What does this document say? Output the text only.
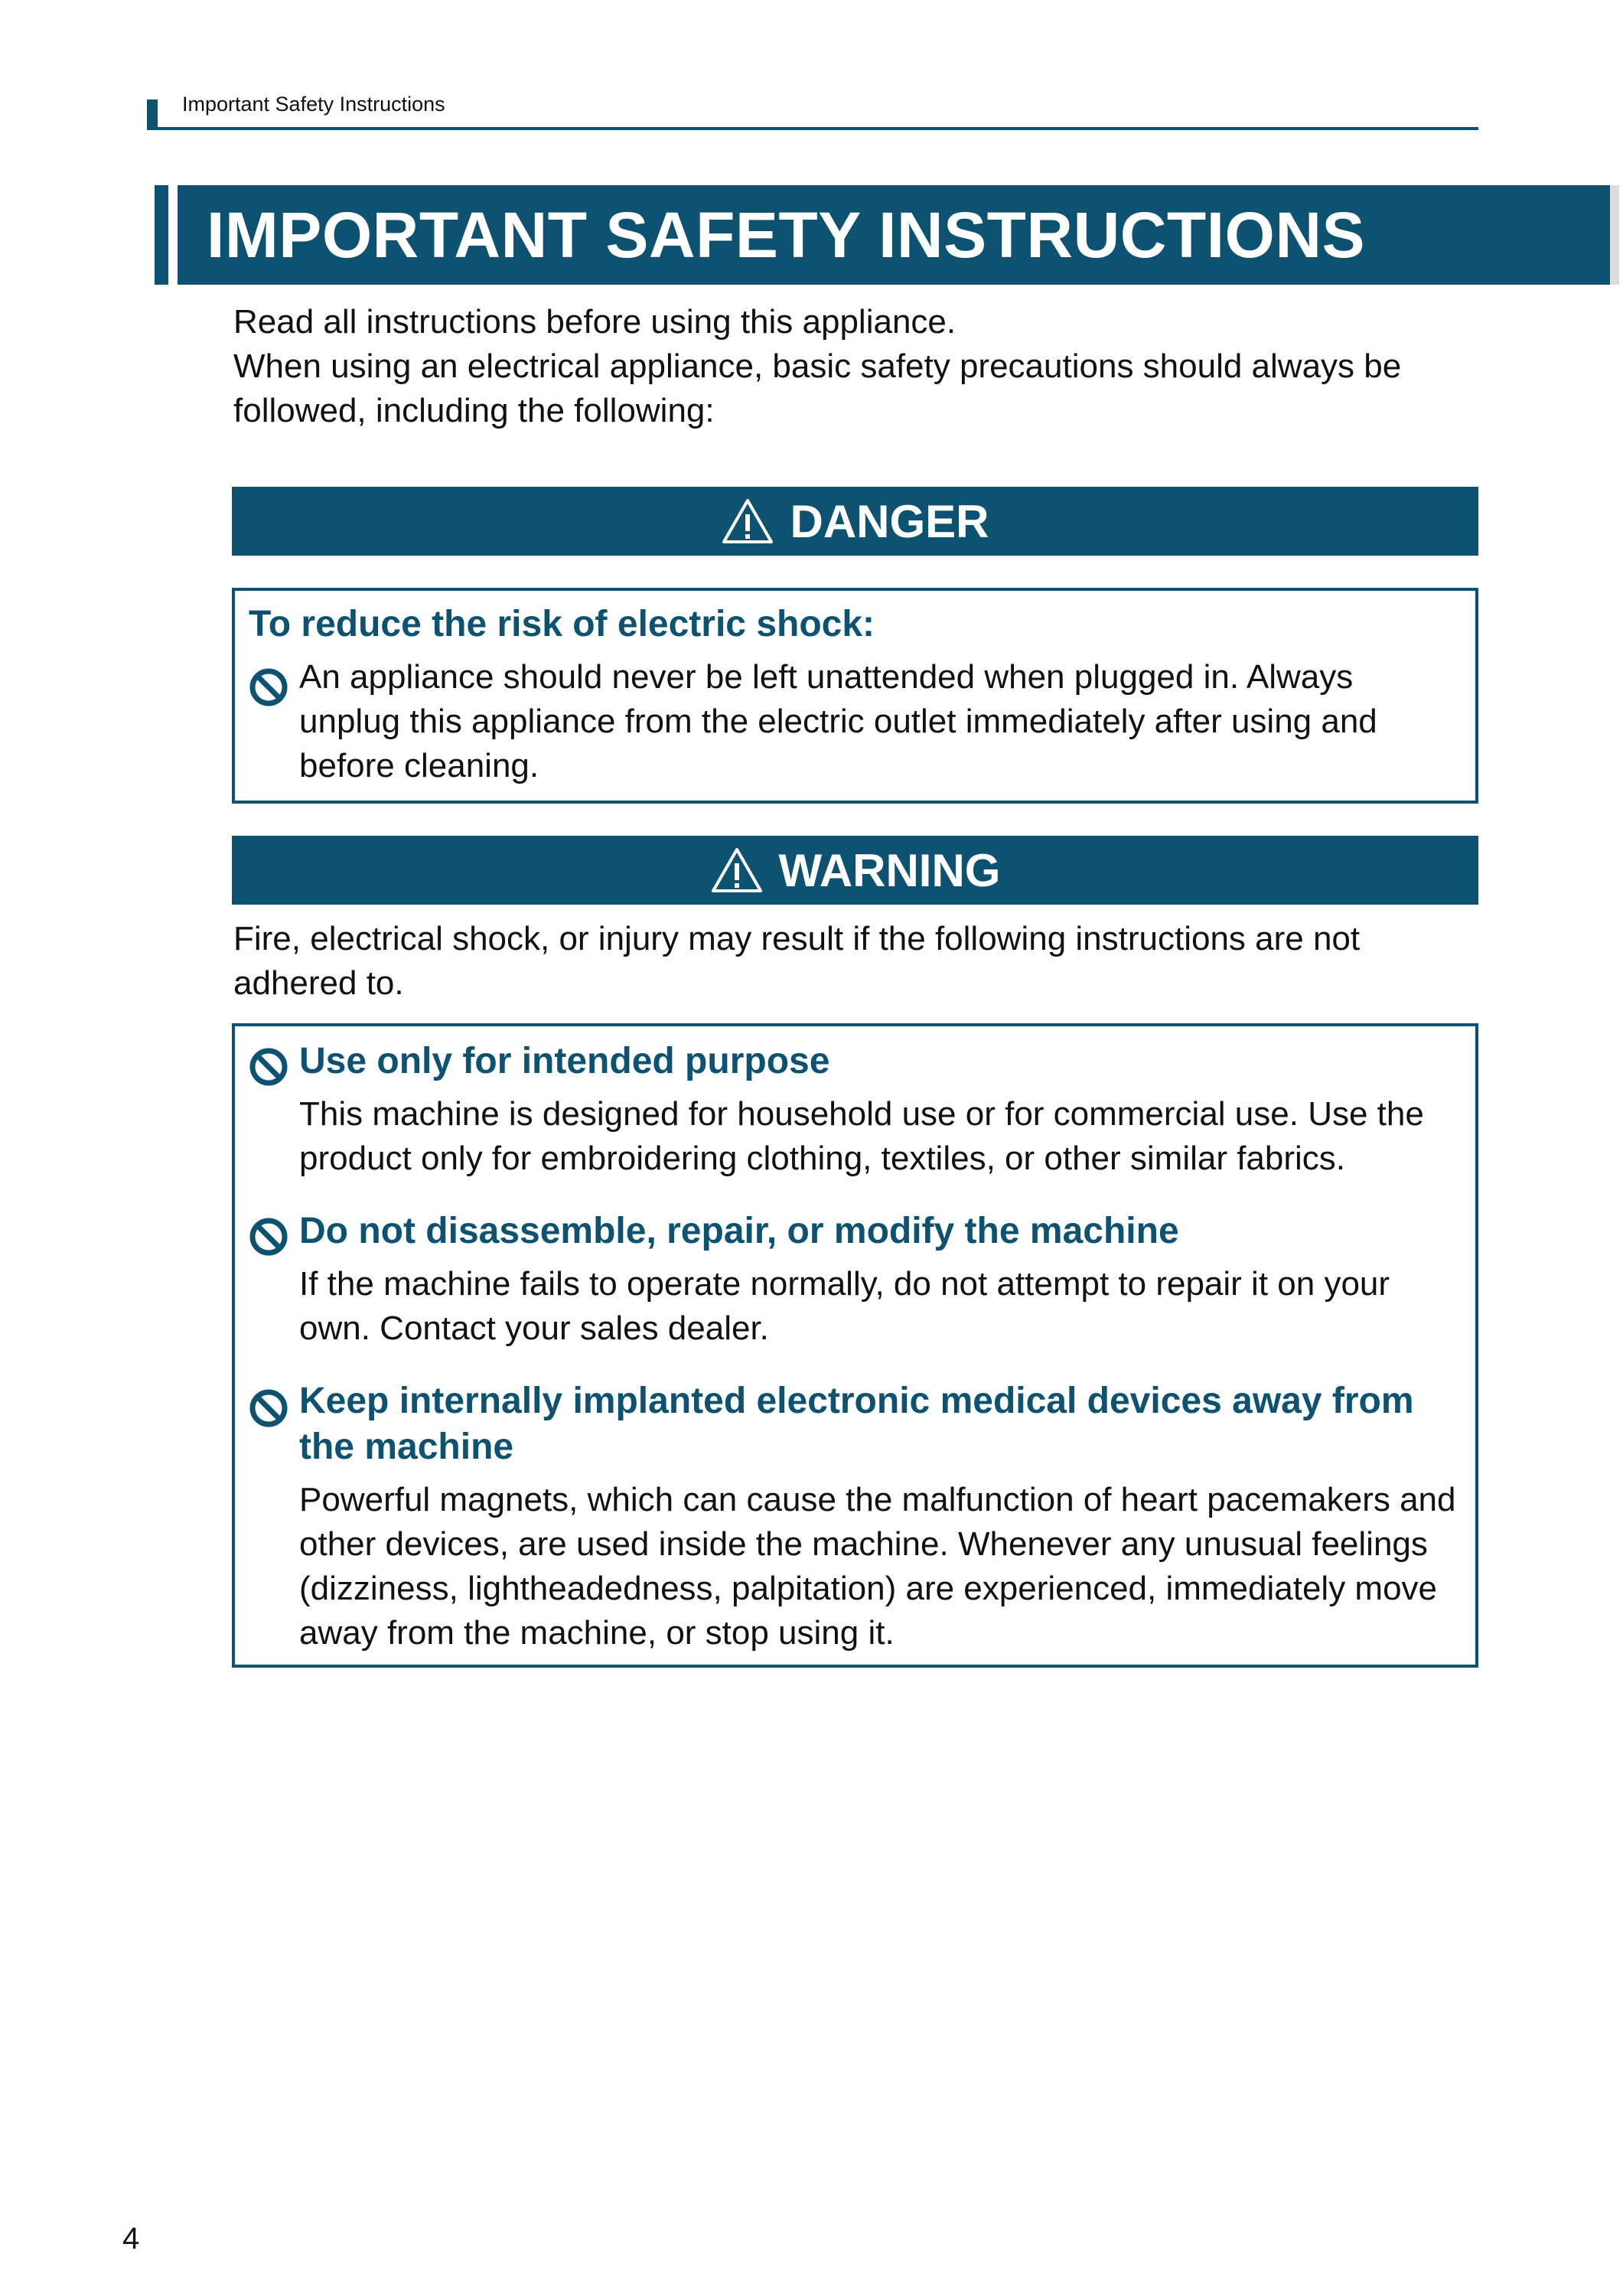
Important Safety Instructions
IMPORTANT SAFETY INSTRUCTIONS

Read all instructions before using this appliance.

When using an electrical appliance, basic safety precautions should always be followed, including the following:

DANGER
To reduce the risk of electric shock:
An appliance should never be left unattended when plugged in. Always unplug this appliance from the electric outlet immediately after using and before cleaning.
WARNING
Fire, electrical shock, or injury may result if the following instructions are not adhered to.
Use only for intended purpose
This machine is designed for household use or for commercial use. Use the product only for embroidering clothing, textiles, or other similar fabrics.
Do not disassemble, repair, or modify the machine
If the machine fails to operate normally, do not attempt to repair it on your own. Contact your sales dealer.
Keep internally implanted electronic medical devices away from the machine
Powerful magnets, which can cause the malfunction of heart pacemakers and other devices, are used inside the machine. Whenever any unusual feelings (dizziness, lightheadedness, palpitation) are experienced, immediately move away from the machine, or stop using it.
4
